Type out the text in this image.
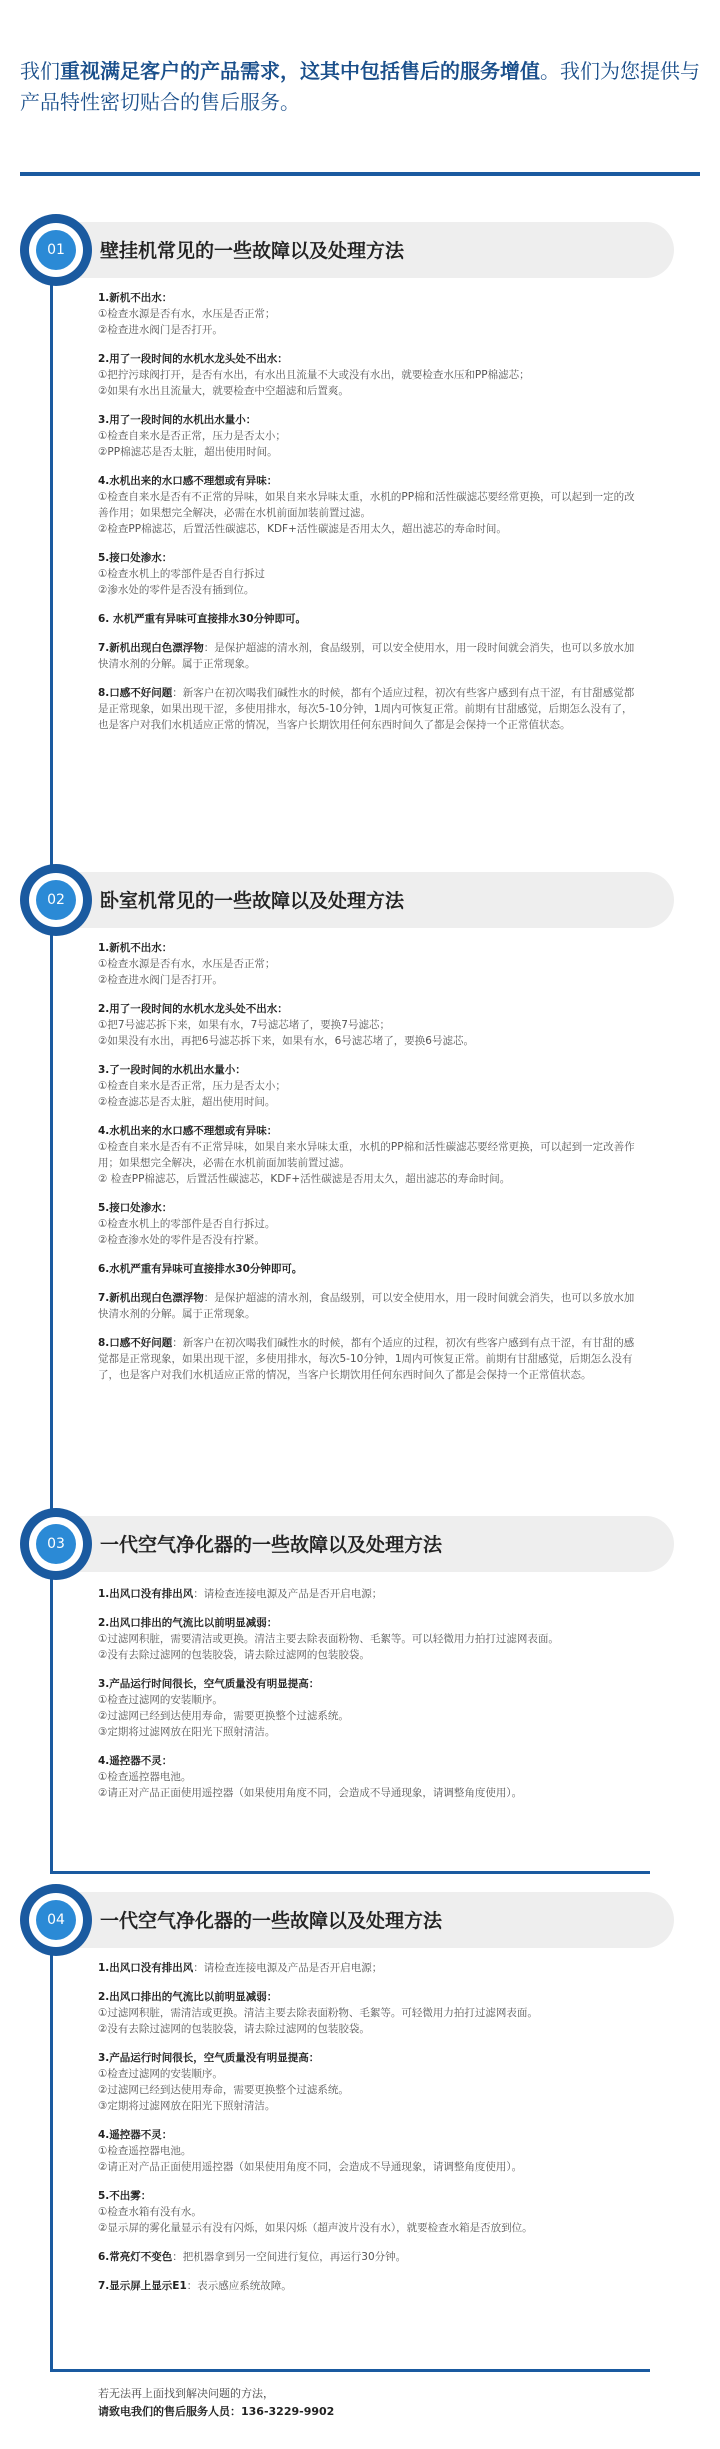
我们重视满足客户的产品需求，这其中包括售后的服务增值。我们为您提供与产品特性密切贴合的售后服务。
01	壁挂机常见的一些故障以及处理方法

1.新机不出水：

①检查水源是否有水，水压是否正常；

②检查进水阀门是否打开。

2.用了一段时间的水机水龙头处不出水：

①把拧污球阀打开，是否有水出，有水出且流量不大或没有水出，就要检查水压和PP棉滤芯；

②如果有水出且流量大，就要检查中空超滤和后置爽。

3.用了一段时间的水机出水量小：

①检查自来水是否正常，压力是否太小；

②PP棉滤芯是否太脏，超出使用时间。

4.水机出来的水口感不理想或有异味：

①检查自来水是否有不正常的异味，如果自来水异味太重，水机的PP棉和活性碳滤芯要经常更换，可以起到一定的改善作用；如果想完全解决，必需在水机前面加装前置过滤。

②检查PP棉滤芯，后置活性碳滤芯，KDF+活性碳滤是否用太久，超出滤芯的寿命时间。

5.接口处渗水：

①检查水机上的零部件是否自行拆过

②渗水处的零件是否没有插到位。

6. 水机严重有异味可直接排水30分钟即可。

7.新机出现白色漂浮物：是保护超滤的清水剂，食品级别，可以安全使用水，用一段时间就会消失，也可以多放水加快清水剂的分解。属于正常现象。

8.口感不好问题：新客户在初次喝我们碱性水的时候，都有个适应过程，初次有些客户感到有点干涩，有甘甜感觉都是正常现象，如果出现干涩，多使用排水，每次5-10分钟，1周内可恢复正常。前期有甘甜感觉，后期怎么没有了，也是客户对我们水机适应正常的情况，当客户长期饮用任何东西时间久了都是会保持一个正常值状态。

02	卧室机常见的一些故障以及处理方法

1.新机不出水：

①检查水源是否有水，水压是否正常；

②检查进水阀门是否打开。

2.用了一段时间的水机水龙头处不出水：

①把7号滤芯拆下来，如果有水，7号滤芯堵了，要换7号滤芯；

②如果没有水出，再把6号滤芯拆下来，如果有水，6号滤芯堵了，要换6号滤芯。

3.了一段时间的水机出水量小：

①检查自来水是否正常，压力是否太小；

②检查滤芯是否太脏，超出使用时间。

4.水机出来的水口感不理想或有异味：

①检查自来水是否有不正常异味，如果自来水异味太重，水机的PP棉和活性碳滤芯要经常更换，可以起到一定改善作用；如果想完全解决，必需在水机前面加装前置过滤。

② 检查PP棉滤芯，后置活性碳滤芯，KDF+活性碳滤是否用太久，超出滤芯的寿命时间。

5.接口处渗水：

①检查水机上的零部件是否自行拆过。

②检查渗水处的零件是否没有拧紧。

6.水机严重有异味可直接排水30分钟即可。

7.新机出现白色漂浮物：是保护超滤的清水剂，食品级别，可以安全使用水，用一段时间就会消失，也可以多放水加快清水剂的分解。属于正常现象。

8.口感不好问题：新客户在初次喝我们碱性水的时候，都有个适应的过程，初次有些客户感到有点干涩，有甘甜的感觉都是正常现象，如果出现干涩，多使用排水，每次5-10分钟，1周内可恢复正常。前期有甘甜感觉，后期怎么没有了，也是客户对我们水机适应正常的情况，当客户长期饮用任何东西时间久了都是会保持一个正常值状态。

03	一代空气净化器的一些故障以及处理方法

1.出风口没有排出风：请检查连接电源及产品是否开启电源；

2.出风口排出的气流比以前明显减弱：

①过滤网积脏，需要清洁或更换。清洁主要去除表面粉物、毛絮等。可以轻微用力拍打过滤网表面。

②没有去除过滤网的包装胶袋，请去除过滤网的包装胶袋。

3.产品运行时间很长，空气质量没有明显提高：

①检查过滤网的安装顺序。

②过滤网已经到达使用寿命，需要更换整个过滤系统。

③定期将过滤网放在阳光下照射清洁。

4.遥控器不灵：

①检查遥控器电池。

②请正对产品正面使用遥控器（如果使用角度不同，会造成不导通现象，请调整角度使用）。

04	一代空气净化器的一些故障以及处理方法

1.出风口没有排出风：请检查连接电源及产品是否开启电源；

2.出风口排出的气流比以前明显减弱：

①过滤网积脏，需清洁或更换。清洁主要去除表面粉物、毛絮等。可轻微用力拍打过滤网表面。

②没有去除过滤网的包装胶袋，请去除过滤网的包装胶袋。

3.产品运行时间很长，空气质量没有明显提高：

①检查过滤网的安装顺序。

②过滤网已经到达使用寿命，需要更换整个过滤系统。

③定期将过滤网放在阳光下照射清洁。

4.遥控器不灵：

①检查遥控器电池。

②请正对产品正面使用遥控器（如果使用角度不同，会造成不导通现象，请调整角度使用）。

5.不出雾：

①检查水箱有没有水。

②显示屏的雾化量显示有没有闪烁，如果闪烁（超声波片没有水），就要检查水箱是否放到位。

6.常亮灯不变色：把机器拿到另一空间进行复位，再运行30分钟。

7.显示屏上显示E1：表示感应系统故障。

若无法再上面找到解决问题的方法，
请致电我们的售后服务人员：136-3229-9902
